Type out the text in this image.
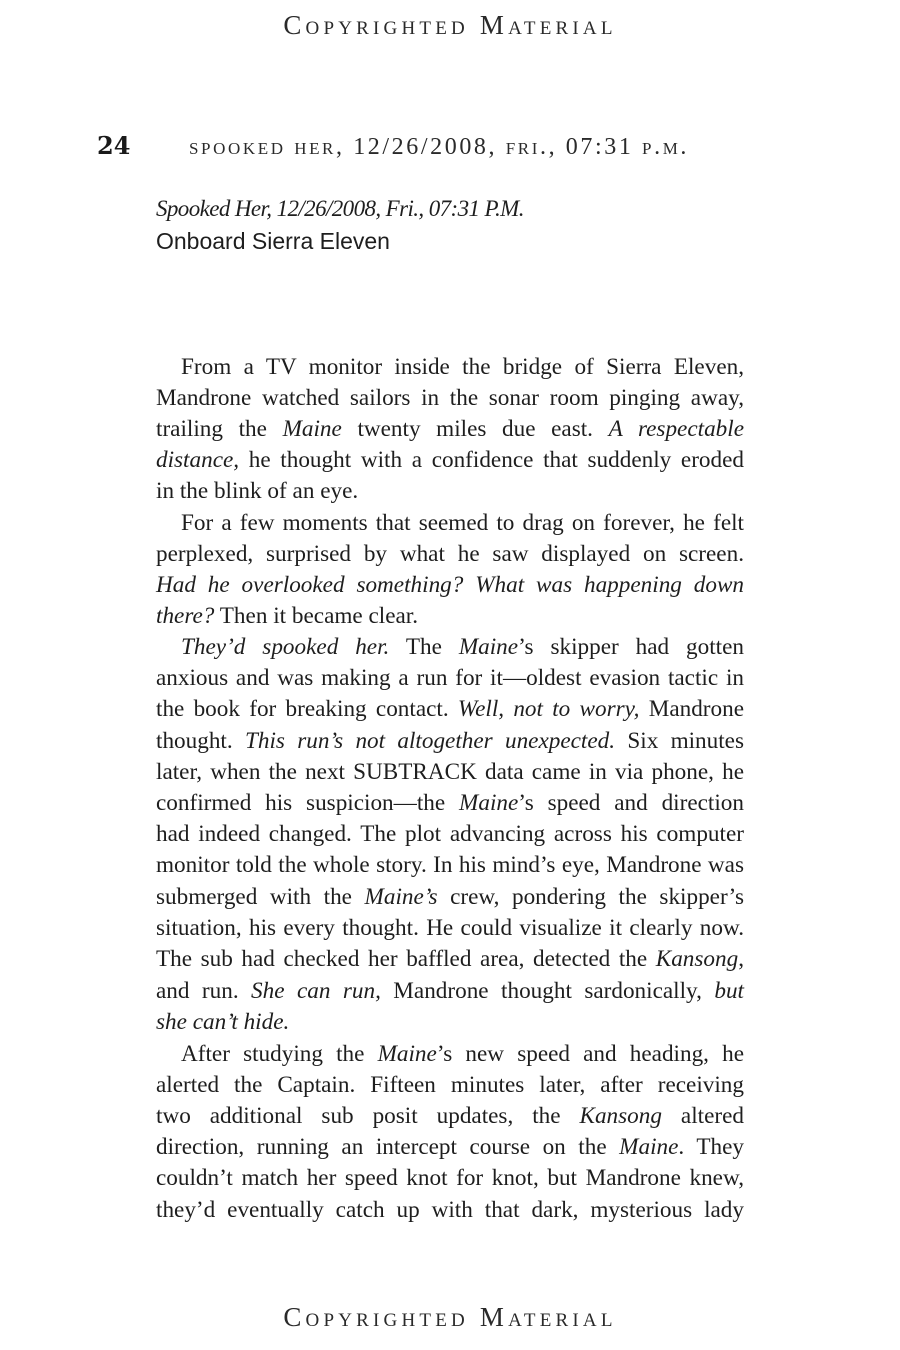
Copyrighted Material
24 spooked her, 12/26/2008, fri., 07:31 p.m.
Spooked Her, 12/26/2008, Fri., 07:31 P.M.
Onboard Sierra Eleven
From a TV monitor inside the bridge of Sierra Eleven,
Mandrone watched sailors in the sonar room pinging away,
trailing the Maine twenty miles due east. A respectable
distance, he thought with a confidence that suddenly eroded
in the blink of an eye.
For a few moments that seemed to drag on forever, he felt
perplexed, surprised by what he saw displayed on screen.
Had he overlooked something? What was happening down
there? Then it became clear.
They’d spooked her. The Maine’s skipper had gotten
anxious and was making a run for it—oldest evasion tactic in
the book for breaking contact. Well, not to worry, Mandrone
thought. This run’s not altogether unexpected. Six minutes
later, when the next SUBTRACK data came in via phone, he
confirmed his suspicion—the Maine’s speed and direction
had indeed changed. The plot advancing across his computer
monitor told the whole story. In his mind’s eye, Mandrone was
submerged with the Maine’s crew, pondering the skipper’s
situation, his every thought. He could visualize it clearly now.
The sub had checked her baffled area, detected the Kansong,
and run. She can run, Mandrone thought sardonically, but
she can’t hide.
After studying the Maine’s new speed and heading, he
alerted the Captain. Fifteen minutes later, after receiving
two additional sub posit updates, the Kansong altered
direction, running an intercept course on the Maine. They
couldn’t match her speed knot for knot, but Mandrone knew,
they’d eventually catch up with that dark, mysterious lady
Copyrighted Material
